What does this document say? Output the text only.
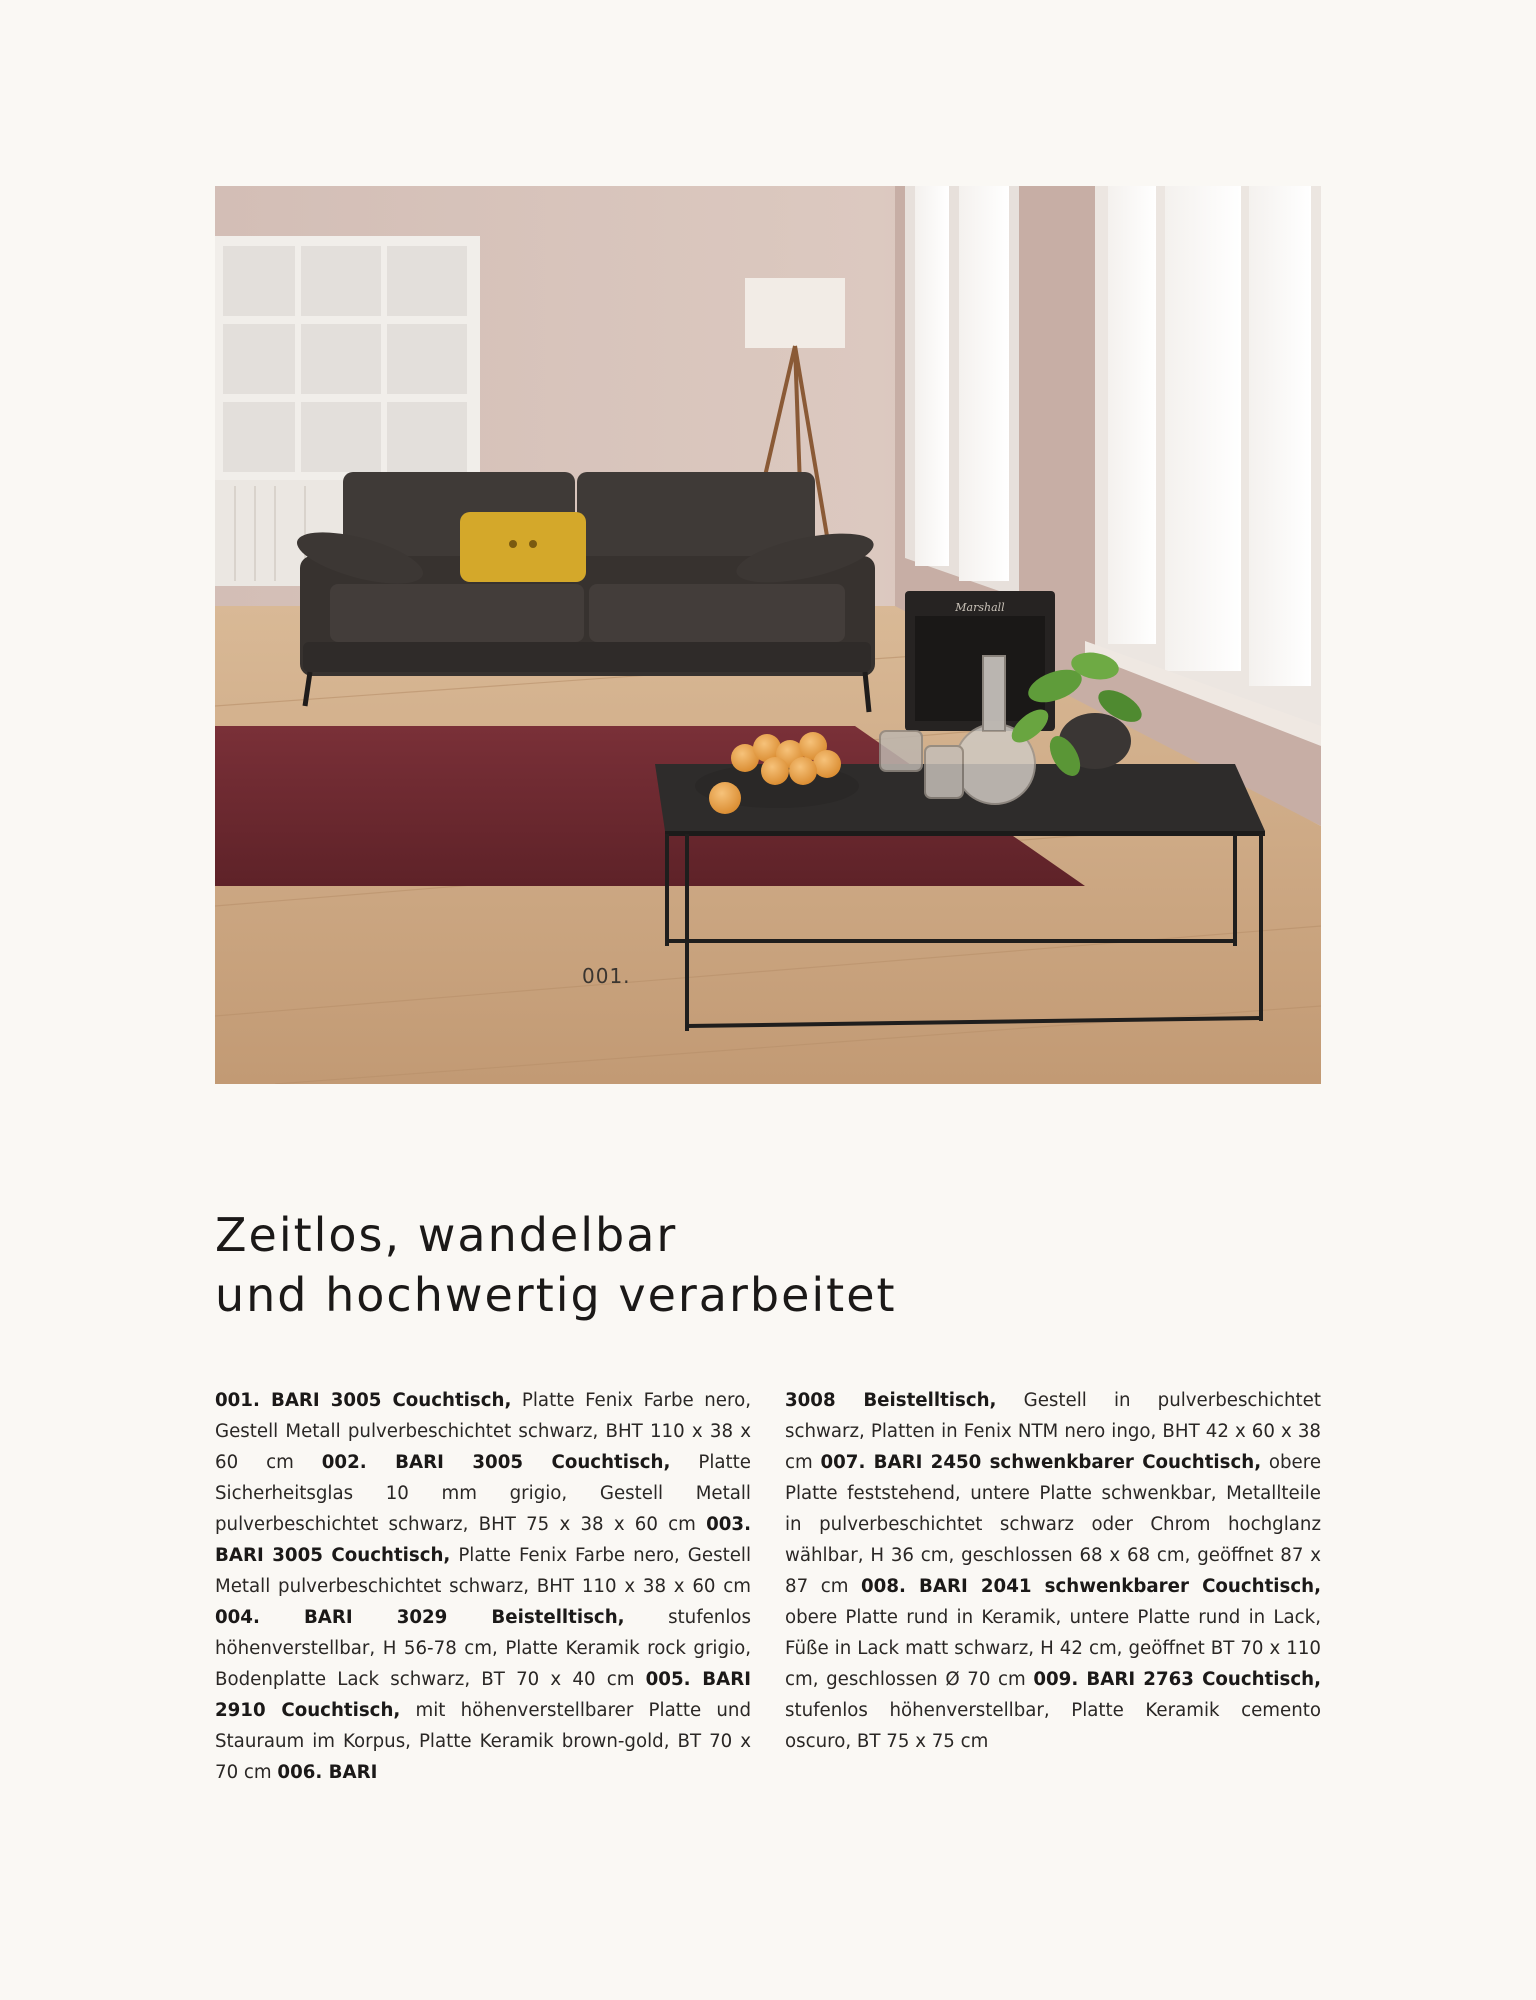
Marshall
001.
Zeitlos, wandelbar
und hochwertig verarbeitet
001. BARI 3005 Couchtisch, Platte Fenix Farbe nero, Gestell Metall pulverbeschichtet schwarz, BHT 110 x 38 x 60 cm 002. BARI 3005 Couchtisch, Platte Sicherheitsglas 10 mm grigio, Gestell Metall pulverbeschichtet schwarz, BHT 75 x 38 x 60 cm 003. BARI 3005 Couchtisch, Platte Fenix Farbe nero, Gestell Metall pulverbeschichtet schwarz, BHT 110 x 38 x 60 cm 004. BARI 3029 Beistelltisch, stufenlos höhenverstellbar, H 56-78 cm, Platte Keramik rock grigio, Bodenplatte Lack schwarz, BT 70 x 40 cm 005. BARI 2910 Couchtisch, mit höhenverstellbarer Platte und Stauraum im Korpus, Platte Keramik brown-gold, BT 70 x 70 cm 006. BARI
3008 Beistelltisch, Gestell in pulverbeschichtet schwarz, Platten in Fenix NTM nero ingo, BHT 42 x 60 x 38 cm 007. BARI 2450 schwenkbarer Couchtisch, obere Platte feststehend, untere Platte schwenkbar, Metallteile in pulverbeschichtet schwarz oder Chrom hochglanz wählbar, H 36 cm, geschlossen 68 x 68 cm, geöffnet 87 x 87 cm 008. BARI 2041 schwenkbarer Couchtisch, obere Platte rund in Keramik, untere Platte rund in Lack, Füße in Lack matt schwarz, H 42 cm, geöffnet BT 70 x 110 cm, geschlossen Ø 70 cm 009. BARI 2763 Couchtisch, stufenlos höhenverstellbar, Platte Keramik cemento oscuro, BT 75 x 75 cm
